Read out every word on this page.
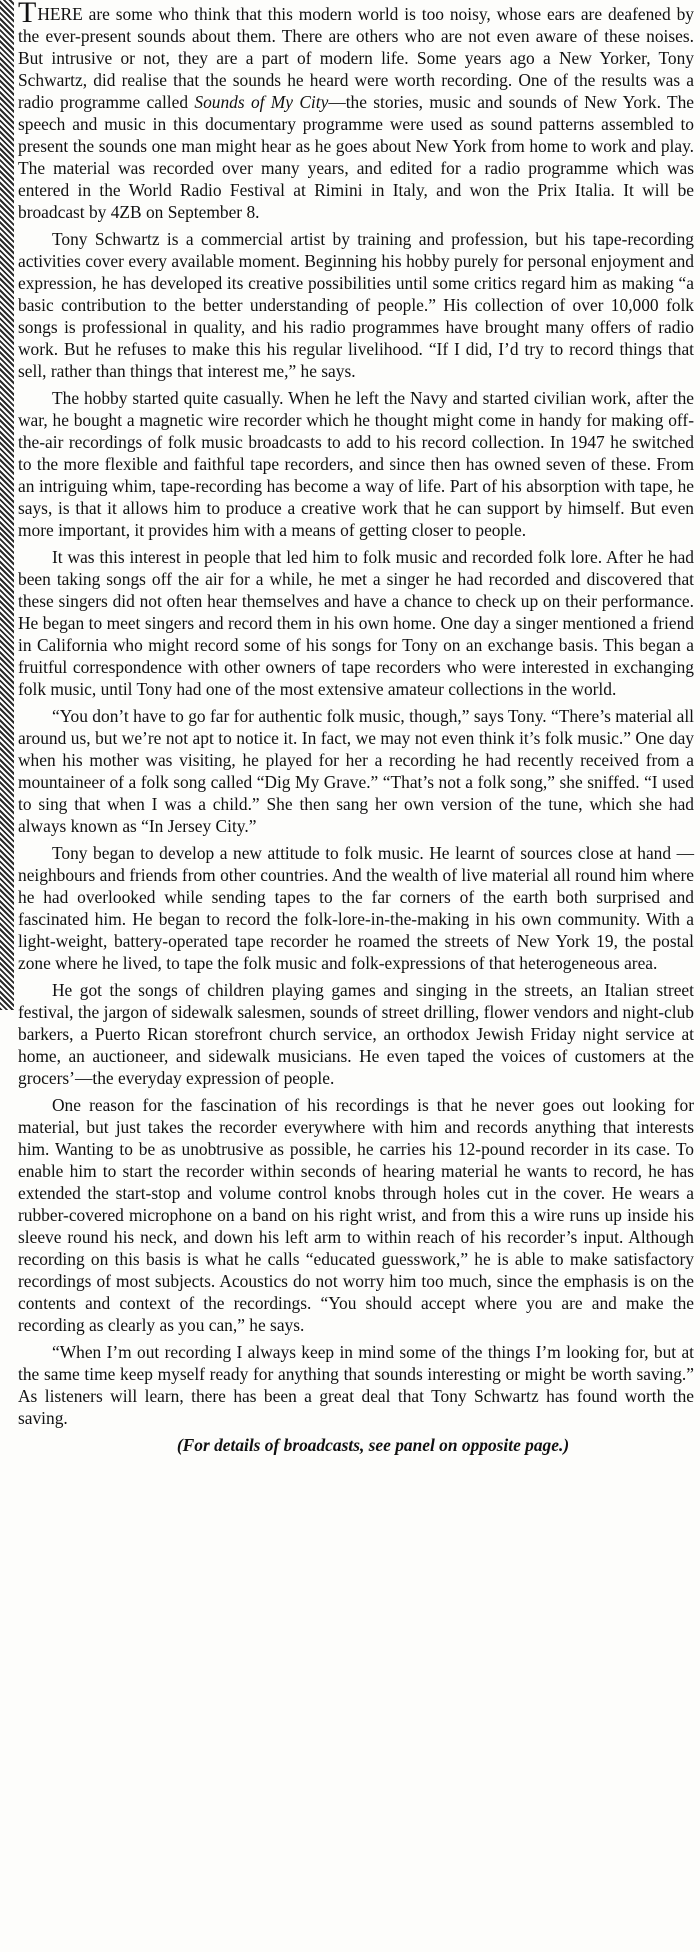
THERE are some who think that this modern world is too noisy, whose ears are deafened by the ever-present sounds about them. There are others who are not even aware of these noises. But intrusive or not, they are a part of modern life. Some years ago a New Yorker, Tony Schwartz, did realise that the sounds he heard were worth recording. One of the results was a radio programme called Sounds of My City—the stories, music and sounds of New York. The speech and music in this documentary programme were used as sound patterns assembled to present the sounds one man might hear as he goes about New York from home to work and play. The material was recorded over many years, and edited for a radio programme which was entered in the World Radio Festival at Rimini in Italy, and won the Prix Italia. It will be broadcast by 4ZB on September 8.

Tony Schwartz is a commercial artist by training and profession, but his tape-recording activities cover every available moment. Beginning his hobby purely for personal enjoyment and expression, he has developed its creative possibilities until some critics regard him as making “a basic contribution to the better understanding of people.” His collection of over 10,000 folk songs is professional in quality, and his radio programmes have brought many offers of radio work. But he refuses to make this his regular livelihood. “If I did, I’d try to record things that sell, rather than things that interest me,” he says.

The hobby started quite casually. When he left the Navy and started civilian work, after the war, he bought a magnetic wire recorder which he thought might come in handy for making off-the-air recordings of folk music broadcasts to add to his record collection. In 1947 he switched to the more flexible and faithful tape recorders, and since then has owned seven of these. From an intriguing whim, tape-recording has become a way of life. Part of his absorption with tape, he says, is that it allows him to produce a creative work that he can support by himself. But even more important, it provides him with a means of getting closer to people.

It was this interest in people that led him to folk music and recorded folk lore. After he had been taking songs off the air for a while, he met a singer he had recorded and discovered that these singers did not often hear themselves and have a chance to check up on their performance. He began to meet singers and record them in his own home. One day a singer mentioned a friend in California who might record some of his songs for Tony on an exchange basis. This began a fruitful correspondence with other owners of tape recorders who were interested in exchanging folk music, until Tony had one of the most extensive amateur collections in the world.

“You don’t have to go far for authentic folk music, though,” says Tony. “There’s material all around us, but we’re not apt to notice it. In fact, we may not even think it’s folk music.” One day when his mother was visiting, he played for her a recording he had recently received from a mountaineer of a folk song called “Dig My Grave.” “That’s not a folk song,” she sniffed. “I used to sing that when I was a child.” She then sang her own version of the tune, which she had always known as “In Jersey City.”

Tony began to develop a new attitude to folk music. He learnt of sources close at hand — neighbours and friends from other countries. And the wealth of live material all round him where he had overlooked while sending tapes to the far corners of the earth both surprised and fascinated him. He began to record the folk-lore-in-the-making in his own community. With a light-weight, battery-operated tape recorder he roamed the streets of New York 19, the postal zone where he lived, to tape the folk music and folk-expressions of that heterogeneous area.

He got the songs of children playing games and singing in the streets, an Italian street festival, the jargon of sidewalk salesmen, sounds of street drilling, flower vendors and night-club barkers, a Puerto Rican storefront church service, an orthodox Jewish Friday night service at home, an auctioneer, and sidewalk musicians. He even taped the voices of customers at the grocers’—the everyday expression of people.

One reason for the fascination of his recordings is that he never goes out looking for material, but just takes the recorder everywhere with him and records anything that interests him. Wanting to be as unobtrusive as possible, he carries his 12-pound recorder in its case. To enable him to start the recorder within seconds of hearing material he wants to record, he has extended the start-stop and volume control knobs through holes cut in the cover. He wears a rubber-covered microphone on a band on his right wrist, and from this a wire runs up inside his sleeve round his neck, and down his left arm to within reach of his recorder’s input. Although recording on this basis is what he calls “educated guesswork,” he is able to make satisfactory recordings of most subjects. Acoustics do not worry him too much, since the emphasis is on the contents and context of the recordings. “You should accept where you are and make the recording as clearly as you can,” he says.

“When I’m out recording I always keep in mind some of the things I’m looking for, but at the same time keep myself ready for anything that sounds interesting or might be worth saving.” As listeners will learn, there has been a great deal that Tony Schwartz has found worth the saving.

(For details of broadcasts, see panel on opposite page.)
